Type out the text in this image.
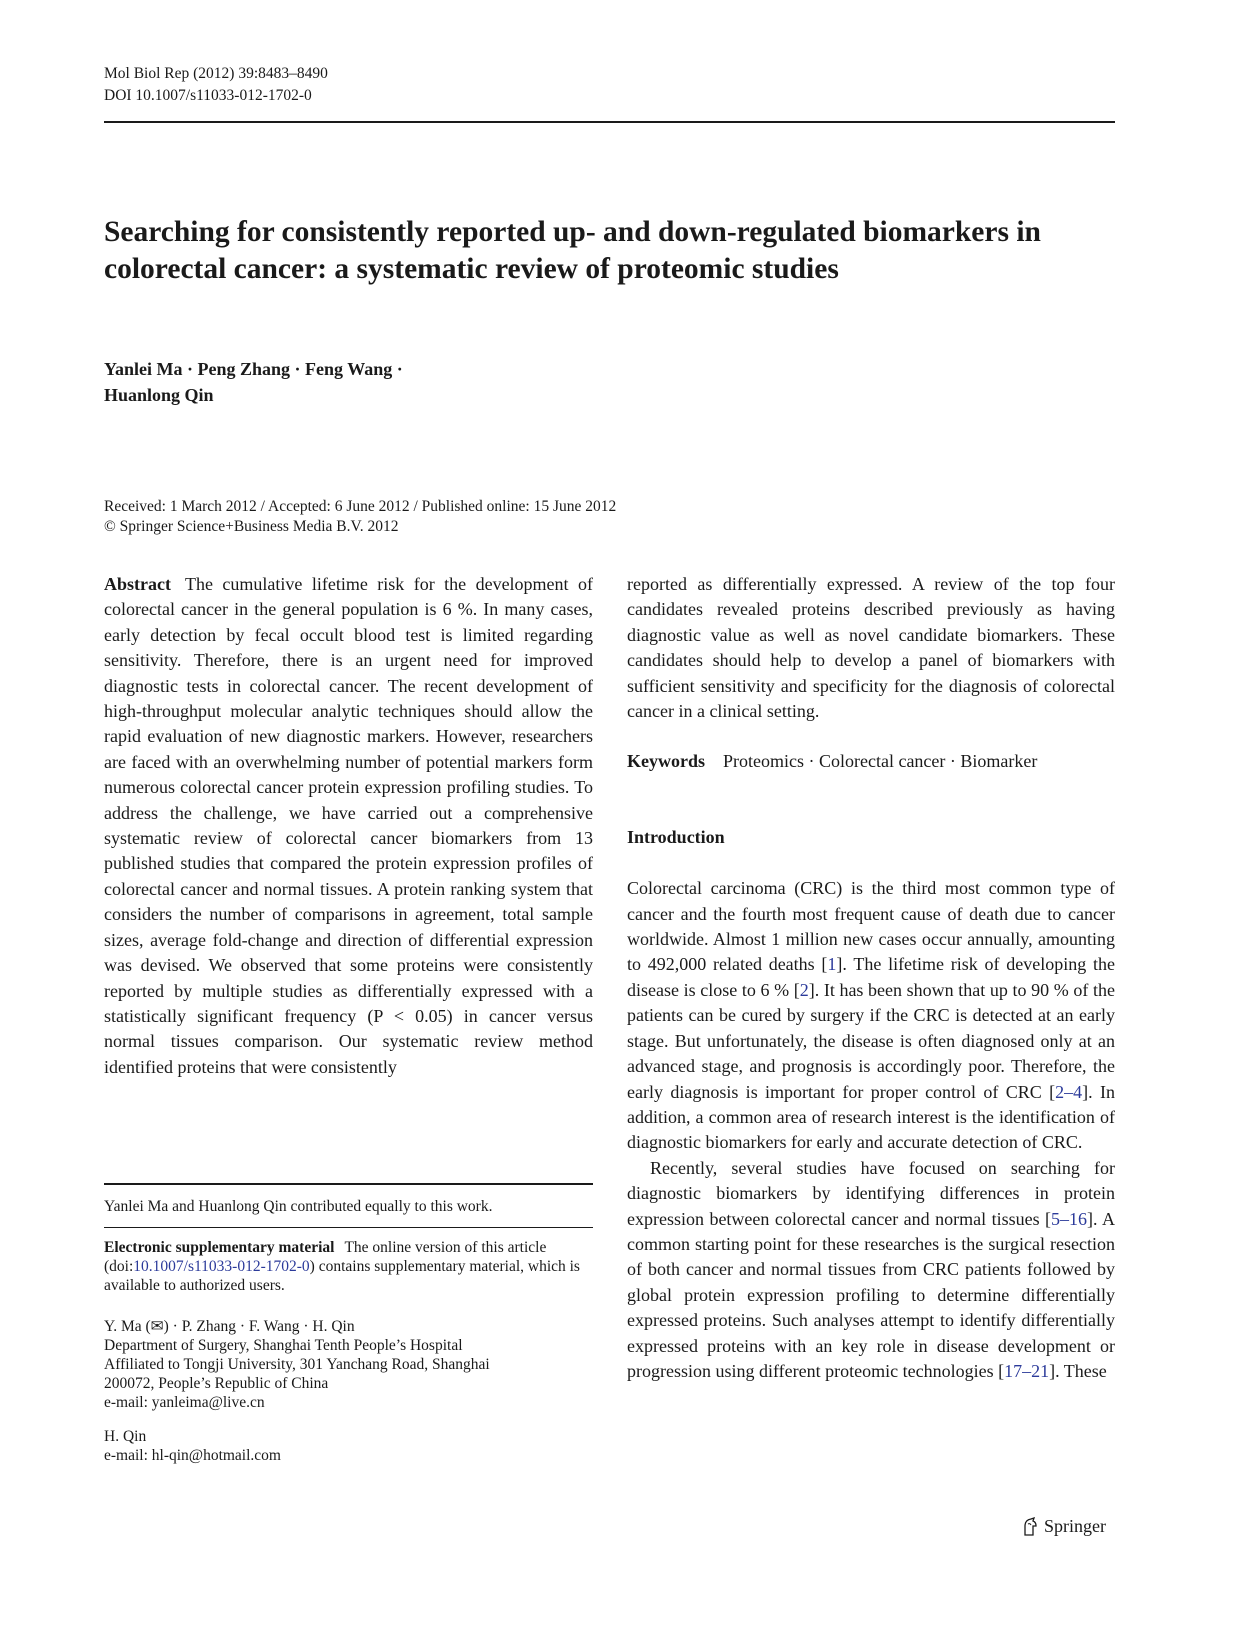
Mol Biol Rep (2012) 39:8483–8490
DOI 10.1007/s11033-012-1702-0
Searching for consistently reported up- and down-regulated biomarkers in colorectal cancer: a systematic review of proteomic studies
Yanlei Ma · Peng Zhang · Feng Wang ·
Huanlong Qin
Received: 1 March 2012 / Accepted: 6 June 2012 / Published online: 15 June 2012
© Springer Science+Business Media B.V. 2012

Abstract The cumulative lifetime risk for the development of colorectal cancer in the general population is 6 %. In many cases, early detection by fecal occult blood test is limited regarding sensitivity. Therefore, there is an urgent need for improved diagnostic tests in colorectal cancer. The recent development of high-throughput molecular analytic techniques should allow the rapid evaluation of new diagnostic markers. However, researchers are faced with an overwhelming number of potential markers form numerous colorectal cancer protein expression profiling studies. To address the challenge, we have carried out a comprehensive systematic review of colorectal cancer biomarkers from 13 published studies that compared the protein expression profiles of colorectal cancer and normal tissues. A protein ranking system that considers the number of comparisons in agreement, total sample sizes, average fold-change and direction of differential expression was devised. We observed that some proteins were consistently reported by multiple studies as differentially expressed with a statistically significant frequency (P < 0.05) in cancer versus normal tissues comparison. Our systematic review method identified proteins that were consistently

reported as differentially expressed. A review of the top four candidates revealed proteins described previously as having diagnostic value as well as novel candidate biomarkers. These candidates should help to develop a panel of biomarkers with sufficient sensitivity and specificity for the diagnosis of colorectal cancer in a clinical setting.

Keywords Proteomics · Colorectal cancer · Biomarker

Introduction

Colorectal carcinoma (CRC) is the third most common type of cancer and the fourth most frequent cause of death due to cancer worldwide. Almost 1 million new cases occur annually, amounting to 492,000 related deaths [1]. The lifetime risk of developing the disease is close to 6 % [2]. It has been shown that up to 90 % of the patients can be cured by surgery if the CRC is detected at an early stage. But unfortunately, the disease is often diagnosed only at an advanced stage, and prognosis is accordingly poor. Therefore, the early diagnosis is important for proper control of CRC [2–4]. In addition, a common area of research interest is the identification of diagnostic biomarkers for early and accurate detection of CRC.

Recently, several studies have focused on searching for diagnostic biomarkers by identifying differences in protein expression between colorectal cancer and normal tissues [5–16]. A common starting point for these researches is the surgical resection of both cancer and normal tissues from CRC patients followed by global protein expression profiling to determine differentially expressed proteins. Such analyses attempt to identify differentially expressed proteins with an key role in disease development or progression using different proteomic technologies [17–21]. These

Yanlei Ma and Huanlong Qin contributed equally to this work.
Electronic supplementary material The online version of this article (doi:10.1007/s11033-012-1702-0) contains supplementary material, which is available to authorized users.
Y. Ma (✉) · P. Zhang · F. Wang · H. Qin
Department of Surgery, Shanghai Tenth People’s Hospital
Affiliated to Tongji University, 301 Yanchang Road, Shanghai
200072, People’s Republic of China
e-mail: yanleima@live.cn
H. Qin
e-mail: hl-qin@hotmail.com
Springer
